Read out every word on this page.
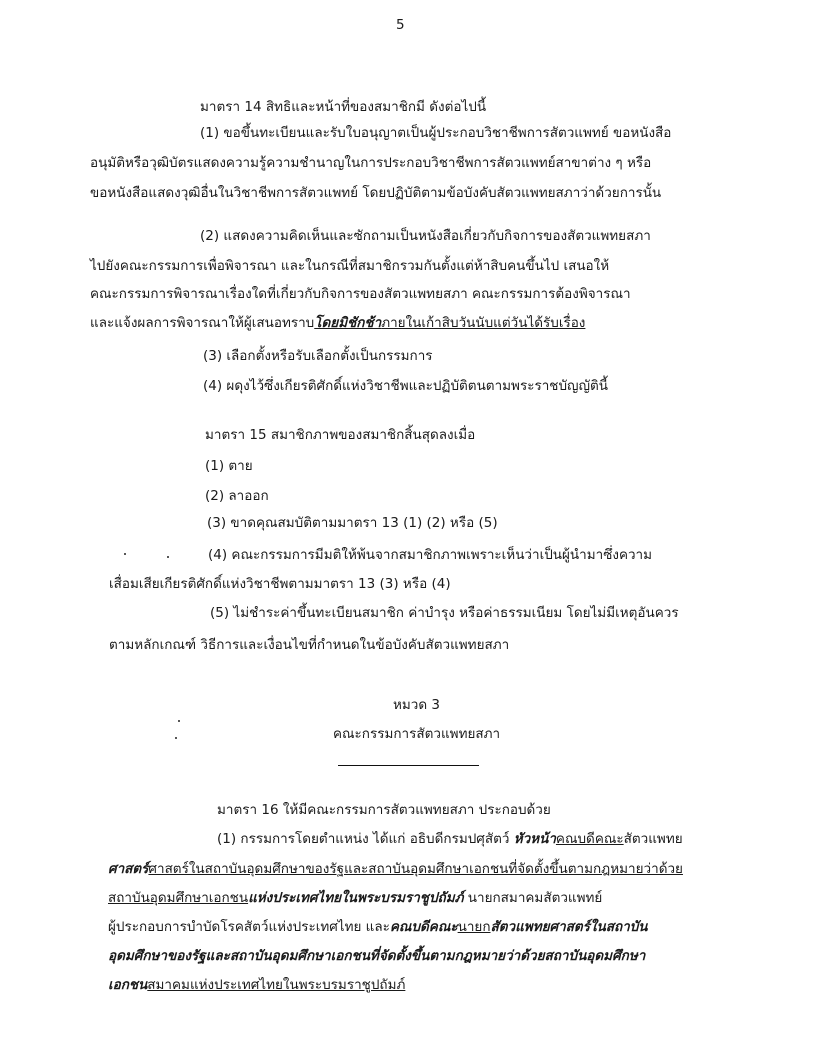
5
มาตรา 14 สิทธิและหน้าที่ของสมาชิกมี ดังต่อไปนี้
(1) ขอขึ้นทะเบียนและรับใบอนุญาตเป็นผู้ประกอบวิชาชีพการสัตวแพทย์ ขอหนังสือ
อนุมัติหรือวุฒิบัตรแสดงความรู้ความชำนาญในการประกอบวิชาชีพการสัตวแพทย์สาขาต่าง ๆ หรือ
ขอหนังสือแสดงวุฒิอื่นในวิชาชีพการสัตวแพทย์ โดยปฏิบัติตามข้อบังคับสัตวแพทยสภาว่าด้วยการนั้น
(2) แสดงความคิดเห็นและซักถามเป็นหนังสือเกี่ยวกับกิจการของสัตวแพทยสภา
ไปยังคณะกรรมการเพื่อพิจารณา และในกรณีที่สมาชิกรวมกันตั้งแต่ห้าสิบคนขึ้นไป เสนอให้
คณะกรรมการพิจารณาเรื่องใดที่เกี่ยวกับกิจการของสัตวแพทยสภา คณะกรรมการต้องพิจารณา
และแจ้งผลการพิจารณาให้ผู้เสนอทราบโดยมิชักช้าภายในเก้าสิบวันนับแต่วันได้รับเรื่อง
(3) เลือกตั้งหรือรับเลือกตั้งเป็นกรรมการ
(4) ผดุงไว้ซึ่งเกียรติศักดิ์แห่งวิชาชีพและปฏิบัติตนตามพระราชบัญญัตินี้
มาตรา 15 สมาชิกภาพของสมาชิกสิ้นสุดลงเมื่อ
(1) ตาย
(2) ลาออก
(3) ขาดคุณสมบัติตามมาตรา 13 (1) (2) หรือ (5)
(4) คณะกรรมการมีมติให้พ้นจากสมาชิกภาพเพราะเห็นว่าเป็นผู้นำมาซึ่งความ
เสื่อมเสียเกียรติศักดิ์แห่งวิชาชีพตามมาตรา 13 (3) หรือ (4)
(5) ไม่ชำระค่าขึ้นทะเบียนสมาชิก ค่าบำรุง หรือค่าธรรมเนียม โดยไม่มีเหตุอันควร
ตามหลักเกณฑ์ วิธีการและเงื่อนไขที่กำหนดในข้อบังคับสัตวแพทยสภา
หมวด 3
คณะกรรมการสัตวแพทยสภา
มาตรา 16 ให้มีคณะกรรมการสัตวแพทยสภา ประกอบด้วย
(1) กรรมการโดยตำแหน่ง ได้แก่ อธิบดีกรมปศุสัตว์ หัวหน้าคณบดีคณะสัตวแพทย
ศาสตร์ศาสตร์ในสถาบันอุดมศึกษาของรัฐและสถาบันอุดมศึกษาเอกชนที่จัดตั้งขึ้นตามกฎหมายว่าด้วย
สถาบันอุดมศึกษาเอกชนแห่งประเทศไทยในพระบรมราชูปถัมภ์ นายกสมาคมสัตวแพทย์
ผู้ประกอบการบำบัดโรคสัตว์แห่งประเทศไทย และคณบดีคณะนายกสัตวแพทยศาสตร์ในสถาบัน
อุดมศึกษาของรัฐและสถาบันอุดมศึกษาเอกชนที่จัดตั้งขึ้นตามกฎหมายว่าด้วยสถาบันอุดมศึกษา
เอกชนสมาคมแห่งประเทศไทยในพระบรมราชูปถัมภ์
